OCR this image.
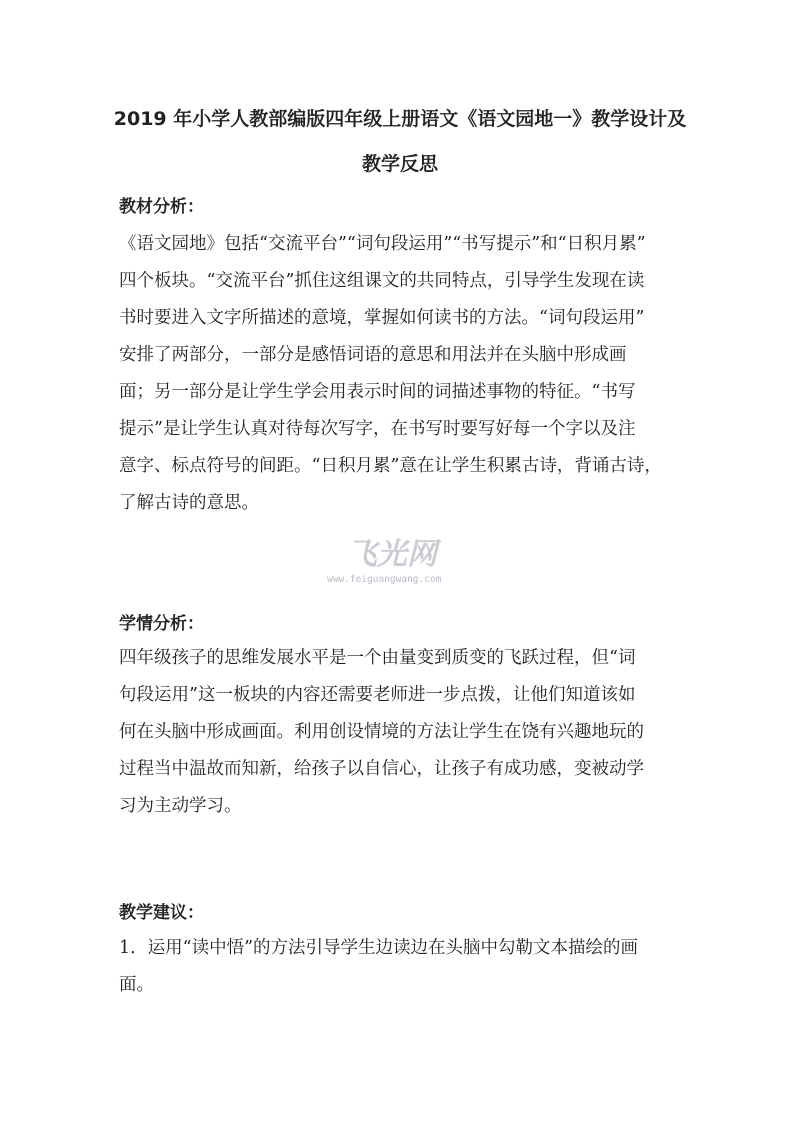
2019 年小学人教部编版四年级上册语文《语文园地一》教学设计及
教学反思
教材分析：

《语文园地》包括“交流平台”“词句段运用”“书写提示”和“日积月累”
四个板块。“交流平台”抓住这组课文的共同特点，引导学生发现在读
书时要进入文字所描述的意境，掌握如何读书的方法。“词句段运用”
安排了两部分，一部分是感悟词语的意思和用法并在头脑中形成画
面；另一部分是让学生学会用表示时间的词描述事物的特征。“书写
提示”是让学生认真对待每次写字，在书写时要写好每一个字以及注
意字、标点符号的间距。“日积月累”意在让学生积累古诗，背诵古诗，
了解古诗的意思。

飞光网
www.feiguangwang.com
学情分析：

四年级孩子的思维发展水平是一个由量变到质变的飞跃过程，但“词
句段运用”这一板块的内容还需要老师进一步点拨，让他们知道该如
何在头脑中形成画面。利用创设情境的方法让学生在饶有兴趣地玩的
过程当中温故而知新，给孩子以自信心，让孩子有成功感，变被动学
习为主动学习。

教学建议：

1．运用“读中悟”的方法引导学生边读边在头脑中勾勒文本描绘的画
面。
